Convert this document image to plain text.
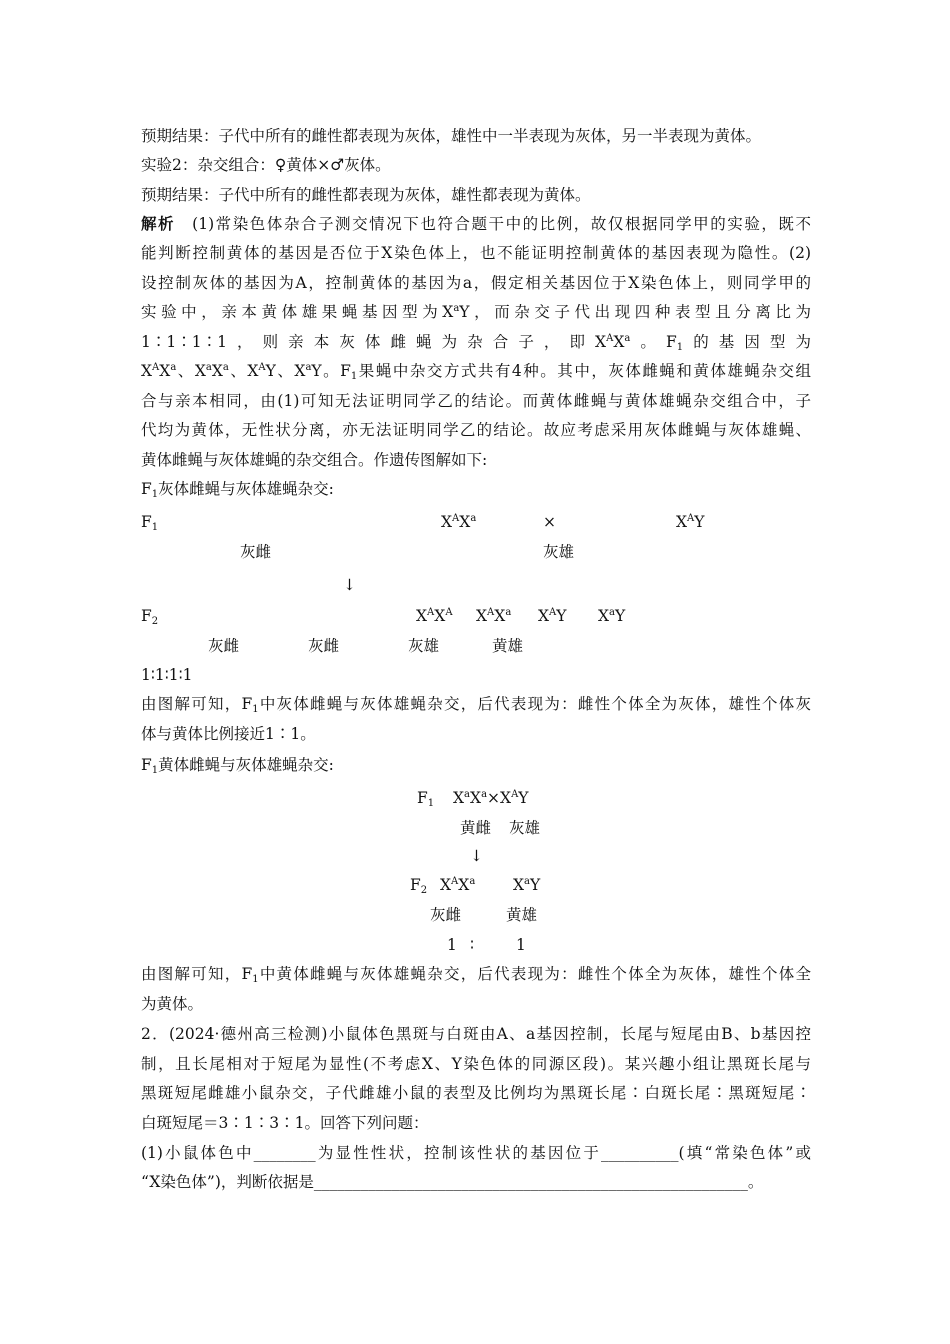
预期结果：子代中所有的雌性都表现为灰体，雄性中一半表现为灰体，另一半表现为黄体。
实验2：杂交组合：♀黄体×♂灰体。
预期结果：子代中所有的雌性都表现为灰体，雄性都表现为黄体。
解析　 (1)常染色体杂合子测交情况下也符合题干中的比例，故仅根据同学甲的实验，既不
能判断控制黄体的基因是否位于X染色体上，也不能证明控制黄体的基因表现为隐性。(2)
设控制灰体的基因为A，控制黄体的基因为a，假定相关基因位于X染色体上，则同学甲的
实验中，亲本黄体雄果蝇基因型为$X^aY$，而杂交子代出现四种表型且分离比为
1∶1∶1∶1，则亲本灰体雌蝇为杂合子，即$X^AX^a$。$F_1$的基因型为
$X^AX^a$、$X^aX^a$、$X^AY$、$X^aY$。$F_1$果蝇中杂交方式共有4种。其中，灰体雌蝇和黄体雄蝇杂交组
合与亲本相同，由(1)可知无法证明同学乙的结论。而黄体雌蝇与黄体雄蝇杂交组合中，子
代均为黄体，无性状分离，亦无法证明同学乙的结论。故应考虑采用灰体雌蝇与灰体雄蝇、
黄体雌蝇与灰体雄蝇的杂交组合。作遗传图解如下:
$F_1$灰体雌蝇与灰体雄蝇杂交:
$F_1$	$X^AX^a$	×	$X^AY$
灰雌	灰雄
↓
$F_2$	$X^AX^A$ $X^AX^a$ $X^AY$ $X^aY$
灰雌	灰雌	灰雄	黄雄
1∶1∶1∶1
由图解可知，$F_1$中灰体雌蝇与灰体雄蝇杂交，后代表现为：雌性个体全为灰体，雄性个体灰
体与黄体比例接近1∶1。
$F_1$黄体雌蝇与灰体雄蝇杂交:
$F_1$ $X^aX^a\times X^AY$
黄雌 灰雄
↓
$F_2$ $X^AX^a$ $X^aY$
灰雌	黄雄
1 ∶	1
由图解可知，$F_1$中黄体雌蝇与灰体雄蝇杂交，后代表现为：雌性个体全为灰体，雄性个体全
为黄体。
2．(2024·德州高三检测)小鼠体色黑斑与白斑由A、a基因控制，长尾与短尾由B、b基因控
制，且长尾相对于短尾为显性(不考虑X、Y染色体的同源区段)。某兴趣小组让黑斑长尾与
黑斑短尾雌雄小鼠杂交，子代雌雄小鼠的表型及比例均为黑斑长尾∶白斑长尾∶黑斑短尾∶
白斑短尾＝3∶1∶3∶1。回答下列问题：
(1)小鼠体色中________为显性性状，控制该性状的基因位于__________(填“常染色体”或
“X染色体”)，判断依据是________________________________________________________。
